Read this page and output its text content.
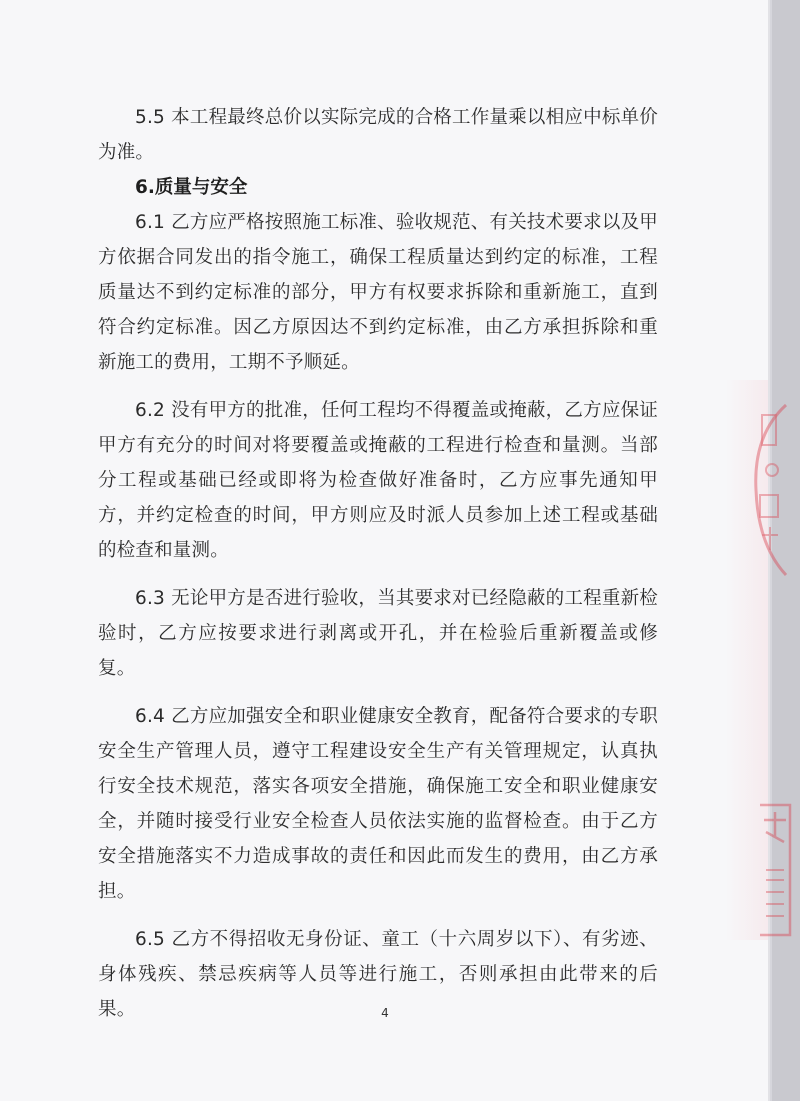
5.5 本工程最终总价以实际完成的合格工作量乘以相应中标单价为准。

6.质量与安全

6.1 乙方应严格按照施工标准、验收规范、有关技术要求以及甲方依据合同发出的指令施工，确保工程质量达到约定的标准，工程质量达不到约定标准的部分，甲方有权要求拆除和重新施工，直到符合约定标准。因乙方原因达不到约定标准，由乙方承担拆除和重新施工的费用，工期不予顺延。

6.2 没有甲方的批准，任何工程均不得覆盖或掩蔽，乙方应保证甲方有充分的时间对将要覆盖或掩蔽的工程进行检查和量测。当部分工程或基础已经或即将为检查做好准备时，乙方应事先通知甲方，并约定检查的时间，甲方则应及时派人员参加上述工程或基础的检查和量测。

6.3 无论甲方是否进行验收，当其要求对已经隐蔽的工程重新检验时，乙方应按要求进行剥离或开孔，并在检验后重新覆盖或修复。

6.4 乙方应加强安全和职业健康安全教育，配备符合要求的专职安全生产管理人员，遵守工程建设安全生产有关管理规定，认真执行安全技术规范，落实各项安全措施，确保施工安全和职业健康安全，并随时接受行业安全检查人员依法实施的监督检查。由于乙方安全措施落实不力造成事故的责任和因此而发生的费用，由乙方承担。

6.5 乙方不得招收无身份证、童工（十六周岁以下）、有劣迹、身体残疾、禁忌疾病等人员等进行施工，否则承担由此带来的后果。	4
